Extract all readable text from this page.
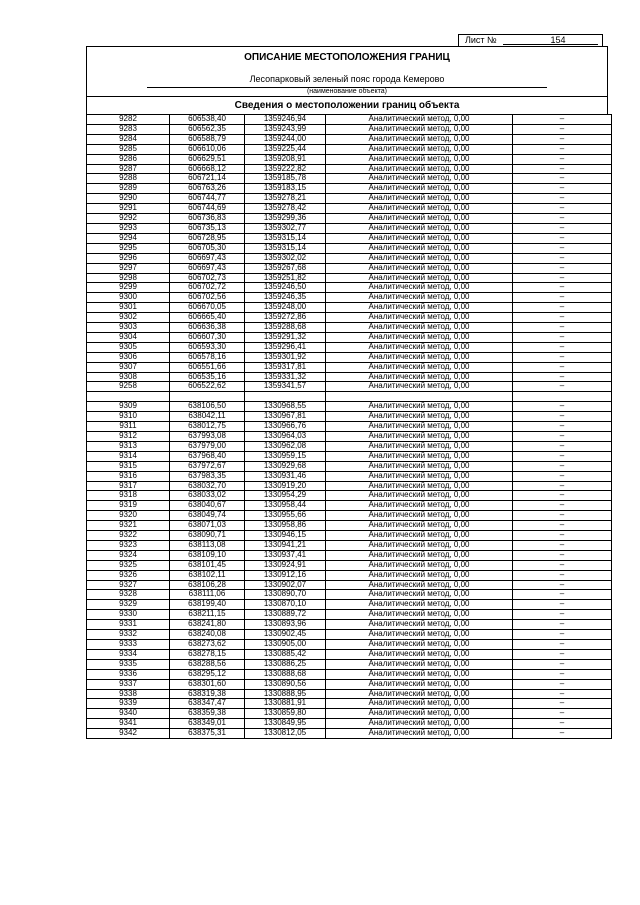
Лист №	154
ОПИСАНИЕ МЕСТОПОЛОЖЕНИЯ ГРАНИЦ
Лесопарковый зеленый пояс города Кемерово
(наименование объекта)
Сведения о местоположении границ объекта
9282	606538,40	1359246,94	Аналитический метод, 0,00	–
9283	606562,35	1359243,99	Аналитический метод, 0,00	–
9284	606588,79	1359244,00	Аналитический метод, 0,00	–
9285	606610,06	1359225,44	Аналитический метод, 0,00	–
9286	606629,51	1359208,91	Аналитический метод, 0,00	–
9287	606668,12	1359222,82	Аналитический метод, 0,00	–
9288	606721,14	1359185,78	Аналитический метод, 0,00	–
9289	606763,26	1359183,15	Аналитический метод, 0,00	–
9290	606744,77	1359278,21	Аналитический метод, 0,00	–
9291	606744,69	1359278,42	Аналитический метод, 0,00	–
9292	606736,83	1359299,36	Аналитический метод, 0,00	–
9293	606735,13	1359302,77	Аналитический метод, 0,00	–
9294	606728,95	1359315,14	Аналитический метод, 0,00	–
9295	606705,30	1359315,14	Аналитический метод, 0,00	–
9296	606697,43	1359302,02	Аналитический метод, 0,00	–
9297	606697,43	1359267,68	Аналитический метод, 0,00	–
9298	606702,73	1359251,82	Аналитический метод, 0,00	–
9299	606702,72	1359246,50	Аналитический метод, 0,00	–
9300	606702,56	1359246,35	Аналитический метод, 0,00	–
9301	606670,05	1359248,00	Аналитический метод, 0,00	–
9302	606665,40	1359272,86	Аналитический метод, 0,00	–
9303	606636,38	1359288,68	Аналитический метод, 0,00	–
9304	606607,30	1359291,32	Аналитический метод, 0,00	–
9305	606593,30	1359296,41	Аналитический метод, 0,00	–
9306	606578,16	1359301,92	Аналитический метод, 0,00	–
9307	606551,66	1359317,81	Аналитический метод, 0,00	–
9308	606535,16	1359331,32	Аналитический метод, 0,00	–
9258	606522,62	1359341,57	Аналитический метод, 0,00	–

9309	638106,50	1330968,55	Аналитический метод, 0,00	–
9310	638042,11	1330967,81	Аналитический метод, 0,00	–
9311	638012,75	1330966,76	Аналитический метод, 0,00	–
9312	637993,08	1330964,03	Аналитический метод, 0,00	–
9313	637979,00	1330962,08	Аналитический метод, 0,00	–
9314	637968,40	1330959,15	Аналитический метод, 0,00	–
9315	637972,67	1330929,68	Аналитический метод, 0,00	–
9316	637983,35	1330931,46	Аналитический метод, 0,00	–
9317	638032,70	1330919,20	Аналитический метод, 0,00	–
9318	638033,02	1330954,29	Аналитический метод, 0,00	–
9319	638040,67	1330958,44	Аналитический метод, 0,00	–
9320	638049,74	1330955,66	Аналитический метод, 0,00	–
9321	638071,03	1330958,86	Аналитический метод, 0,00	–
9322	638090,71	1330946,15	Аналитический метод, 0,00	–
9323	638113,08	1330941,21	Аналитический метод, 0,00	–
9324	638109,10	1330937,41	Аналитический метод, 0,00	–
9325	638101,45	1330924,91	Аналитический метод, 0,00	–
9326	638102,11	1330912,16	Аналитический метод, 0,00	–
9327	638106,28	1330902,07	Аналитический метод, 0,00	–
9328	638111,06	1330890,70	Аналитический метод, 0,00	–
9329	638199,40	1330870,10	Аналитический метод, 0,00	–
9330	638211,15	1330889,72	Аналитический метод, 0,00	–
9331	638241,80	1330893,96	Аналитический метод, 0,00	–
9332	638240,08	1330902,45	Аналитический метод, 0,00	–
9333	638273,62	1330905,00	Аналитический метод, 0,00	–
9334	638278,15	1330885,42	Аналитический метод, 0,00	–
9335	638288,56	1330886,25	Аналитический метод, 0,00	–
9336	638295,12	1330888,68	Аналитический метод, 0,00	–
9337	638301,60	1330890,56	Аналитический метод, 0,00	–
9338	638319,38	1330888,95	Аналитический метод, 0,00	–
9339	638347,47	1330881,91	Аналитический метод, 0,00	–
9340	638359,38	1330859,80	Аналитический метод, 0,00	–
9341	638349,01	1330849,95	Аналитический метод, 0,00	–
9342	638375,31	1330812,05	Аналитический метод, 0,00	–
